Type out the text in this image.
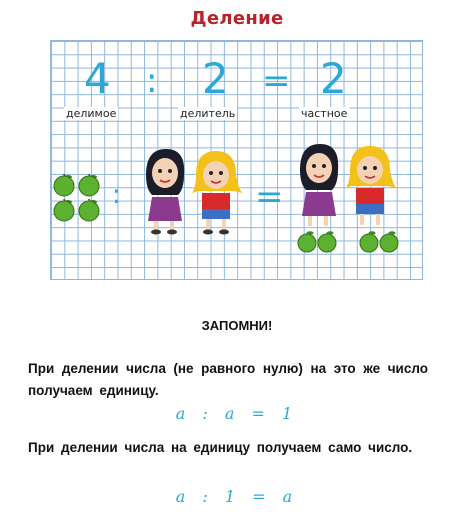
Деление
4 : 2 = 2
делимое	делитель	частное
:	=
ЗАПОМНИ!
При делении числа (не равного нулю) на это же число получаем единицу.
a : a = 1
При делении числа на единицу получаем само число.
a : 1 = a
